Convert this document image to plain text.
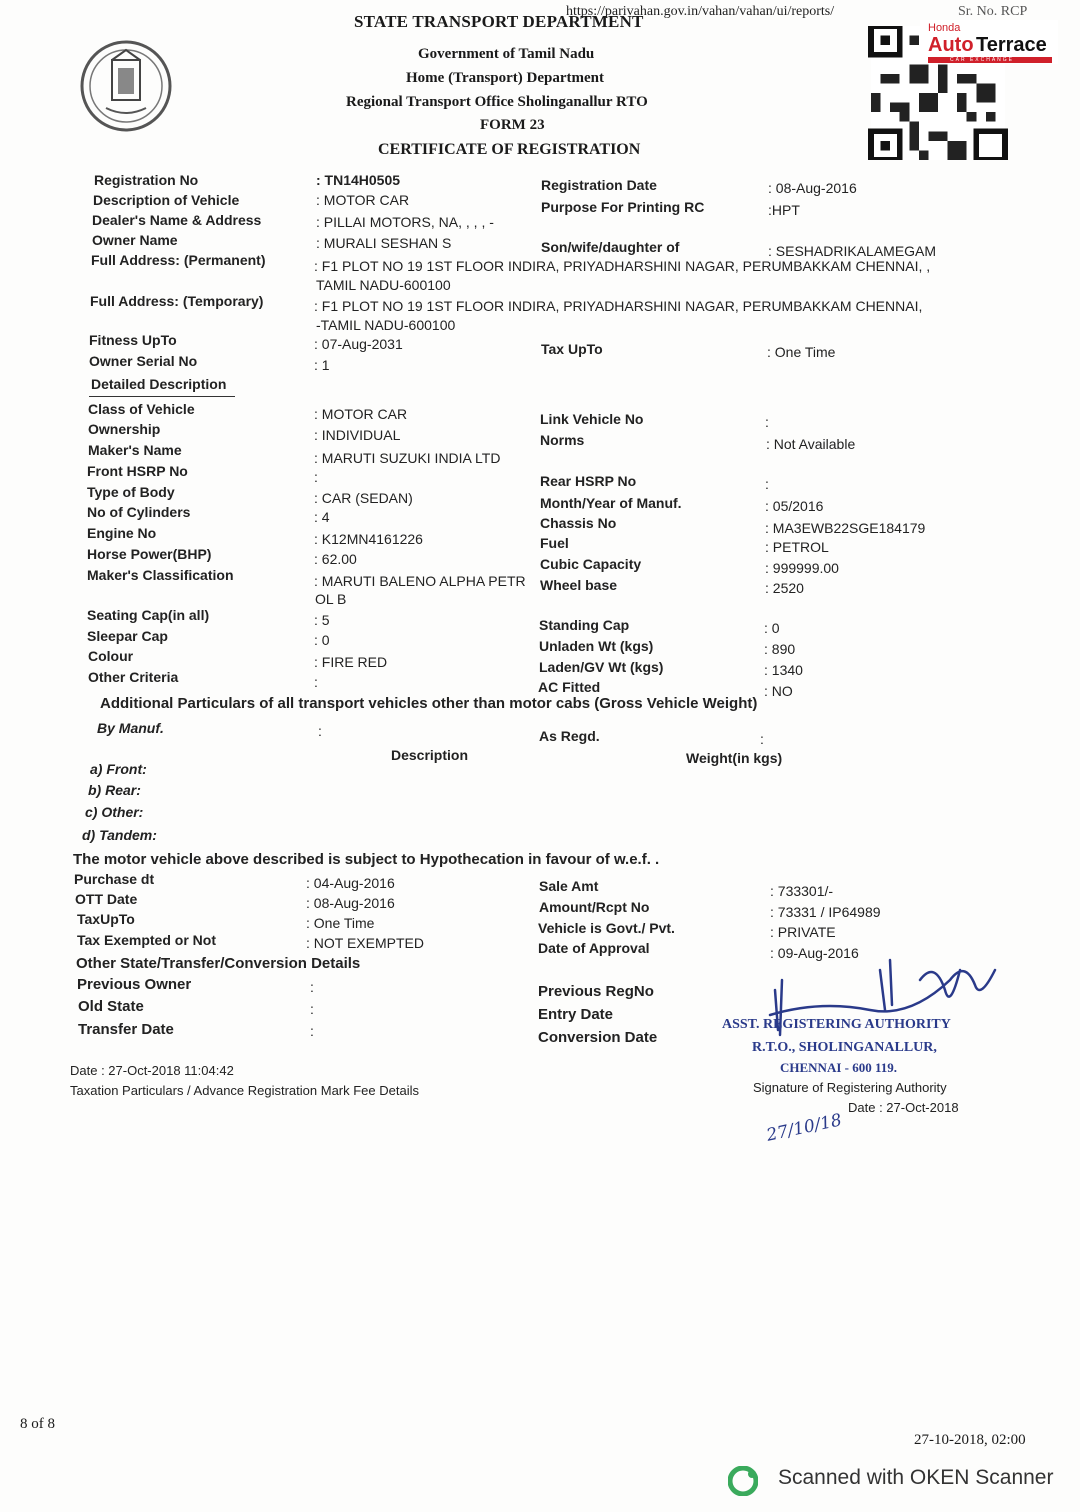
STATE TRANSPORT DEPARTMENT
https://parivahan.gov.in/vahan/vahan/ui/reports/	Sr. No. RCP
Government of Tamil Nadu
Home (Transport) Department
Regional Transport Office Sholinganallur RTO
FORM 23
CERTIFICATE OF REGISTRATION
Honda
Auto Terrace
CAR EXCHANGE
Registration No	: TN14H0505
Description of Vehicle	: MOTOR CAR
Dealer's Name & Address	: PILLAI MOTORS, NA, , , , -
Owner Name	: MURALI SESHAN S
Full Address: (Permanent)	: F1 PLOT NO 19 1ST FLOOR INDIRA, PRIYADHARSHINI NAGAR, PERUMBAKKAM CHENNAI, ,
TAMIL NADU-600100
Full Address: (Temporary)	: F1 PLOT NO 19 1ST FLOOR INDIRA, PRIYADHARSHINI NAGAR, PERUMBAKKAM CHENNAI,
-TAMIL NADU-600100
Fitness UpTo	: 07-Aug-2031
Owner Serial No	: 1
Registration Date	: 08-Aug-2016
Purpose For Printing RC	:HPT
Son/wife/daughter of	: SESHADRIKALAMEGAM
Tax UpTo	: One Time
Detailed Description
Class of Vehicle	: MOTOR CAR
Ownership	: INDIVIDUAL
Maker's Name	: MARUTI SUZUKI INDIA LTD
Front HSRP No	:
Type of Body	: CAR (SEDAN)
No of Cylinders	: 4
Engine No	: K12MN4161226
Horse Power(BHP)	: 62.00
Maker's Classification	: MARUTI BALENO ALPHA PETR
OL B
Seating Cap(in all)	: 5
Sleepar Cap	: 0
Colour	: FIRE RED
Other Criteria	:
Link Vehicle No	:
Norms	: Not Available
Rear HSRP No	:
Month/Year of Manuf.	: 05/2016
Chassis No	: MA3EWB22SGE184179
Fuel	: PETROL
Cubic Capacity	: 999999.00
Wheel base	: 2520
Standing Cap	: 0
Unladen Wt (kgs)	: 890
Laden/GV Wt (kgs)	: 1340
AC Fitted	: NO
Additional Particulars of all transport vehicles other than motor cabs (Gross Vehicle Weight)
By Manuf.	:	As Regd.	:
Description	Weight(in kgs)
a) Front:
b) Rear:
c) Other:
d) Tandem:
The motor vehicle above described is subject to Hypothecation in favour of w.e.f. .
Purchase dt	: 04-Aug-2016
OTT Date	: 08-Aug-2016
TaxUpTo	: One Time
Tax Exempted or Not	: NOT EXEMPTED
Sale Amt	: 733301/-
Amount/Rcpt No	: 73331 / IP64989
Vehicle is Govt./ Pvt.	: PRIVATE
Date of Approval	: 09-Aug-2016
Other State/Transfer/Conversion Details
Previous Owner	:
Old State	:
Transfer Date	:
Previous RegNo
Entry Date
Conversion Date
Date : 27-Oct-2018 11:04:42
Taxation Particulars / Advance Registration Mark Fee Details
ASST. REGISTERING AUTHORITY
R.T.O., SHOLINGANALLUR,
CHENNAI - 600 119.
Signature of Registering Authority
Date : 27-Oct-2018
27/10/18
8 of 8
27-10-2018, 02:00
Scanned with OKEN Scanner
